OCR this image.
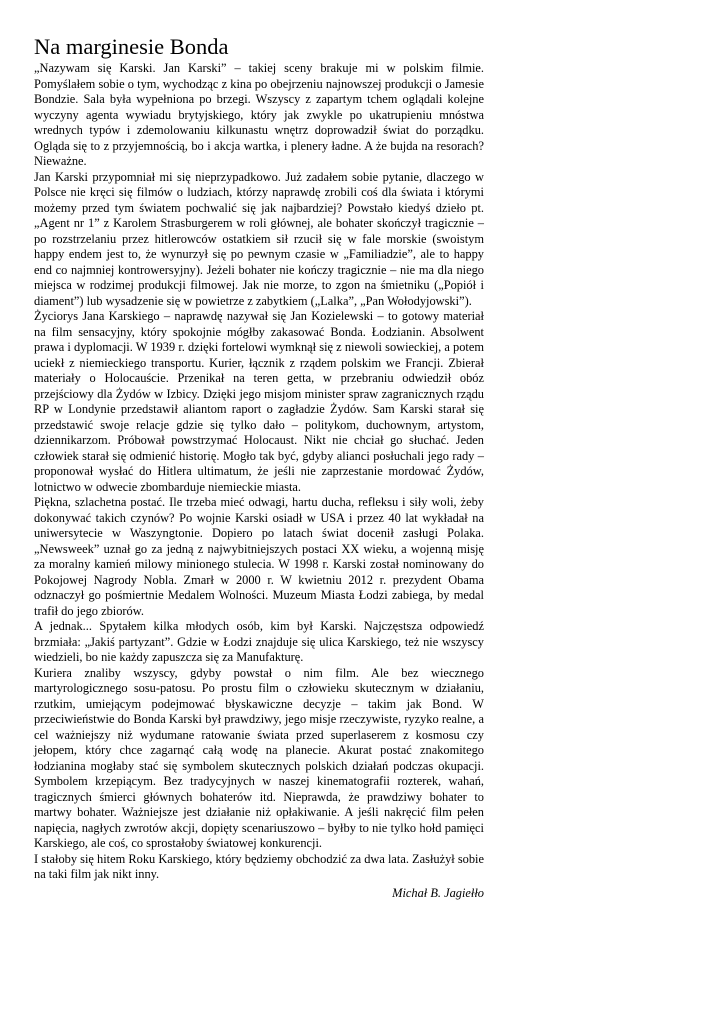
Na marginesie Bonda

„Nazywam się Karski. Jan Karski” – takiej sceny brakuje mi w polskim filmie. Pomyślałem sobie o tym, wychodząc z kina po obejrzeniu najnowszej produkcji o Jamesie Bondzie. Sala była wypełniona po brzegi. Wszyscy z zapartym tchem oglądali kolejne wyczyny agenta wywiadu brytyjskiego, który jak zwykle po ukatrupieniu mnóstwa wrednych typów i zdemolowaniu kilkunastu wnętrz doprowadził świat do porządku. Ogląda się to z przyjemnością, bo i akcja wartka, i plenery ładne. A że bujda na resorach? Nieważne.

Jan Karski przypomniał mi się nieprzypadkowo. Już zadałem sobie pytanie, dlaczego w Polsce nie kręci się filmów o ludziach, którzy naprawdę zrobili coś dla świata i którymi możemy przed tym światem pochwalić się jak najbardziej? Powstało kiedyś dzieło pt. „Agent nr 1” z Karolem Strasburgerem w roli głównej, ale bohater skończył tragicznie – po rozstrzelaniu przez hitlerowców ostatkiem sił rzucił się w fale morskie (swoistym happy endem jest to, że wynurzył się po pewnym czasie w „Familiadzie”, ale to happy end co najmniej kontrowersyjny). Jeżeli bohater nie kończy tragicznie – nie ma dla niego miejsca w rodzimej produkcji filmowej. Jak nie morze, to zgon na śmietniku („Popiół i diament”) lub wysadzenie się w powietrze z zabytkiem („Lalka”, „Pan Wołodyjowski”).

Życiorys Jana Karskiego – naprawdę nazywał się Jan Kozielewski – to gotowy materiał na film sensacyjny, który spokojnie mógłby zakasować Bonda. Łodzianin. Absolwent prawa i dyplomacji. W 1939 r. dzięki fortelowi wymknął się z niewoli sowieckiej, a potem uciekł z niemieckiego transportu. Kurier, łącznik z rządem polskim we Francji. Zbierał materiały o Holocauście. Przenikał na teren getta, w przebraniu odwiedził obóz przejściowy dla Żydów w Izbicy. Dzięki jego misjom minister spraw zagranicznych rządu RP w Londynie przedstawił aliantom raport o zagładzie Żydów. Sam Karski starał się przedstawić swoje relacje gdzie się tylko dało – politykom, duchownym, artystom, dziennikarzom. Próbował powstrzymać Holocaust. Nikt nie chciał go słuchać. Jeden człowiek starał się odmienić historię. Mogło tak być, gdyby alianci posłuchali jego rady – proponował wysłać do Hitlera ultimatum, że jeśli nie zaprzestanie mordować Żydów, lotnictwo w odwecie zbombarduje niemieckie miasta.

Piękna, szlachetna postać. Ile trzeba mieć odwagi, hartu ducha, refleksu i siły woli, żeby dokonywać takich czynów? Po wojnie Karski osiadł w USA i przez 40 lat wykładał na uniwersytecie w Waszyngtonie. Dopiero po latach świat docenił zasługi Polaka. „Newsweek” uznał go za jedną z najwybitniejszych postaci XX wieku, a wojenną misję za moralny kamień milowy minionego stulecia. W 1998 r. Karski został nominowany do Pokojowej Nagrody Nobla. Zmarł w 2000 r. W kwietniu 2012 r. prezydent Obama odznaczył go pośmiertnie Medalem Wolności. Muzeum Miasta Łodzi zabiega, by medal trafił do jego zbiorów.

A jednak... Spytałem kilka młodych osób, kim był Karski. Najczęstsza odpowiedź brzmiała: „Jakiś partyzant”. Gdzie w Łodzi znajduje się ulica Karskiego, też nie wszyscy wiedzieli, bo nie każdy zapuszcza się za Manufakturę.

Kuriera znaliby wszyscy, gdyby powstał o nim film. Ale bez wiecznego martyrologicznego sosu-patosu. Po prostu film o człowieku skutecznym w działaniu, rzutkim, umiejącym podejmować błyskawiczne decyzje – takim jak Bond. W przeciwieństwie do Bonda Karski był prawdziwy, jego misje rzeczywiste, ryzyko realne, a cel ważniejszy niż wydumane ratowanie świata przed superlaserem z kosmosu czy jełopem, który chce zagarnąć całą wodę na planecie. Akurat postać znakomitego łodzianina mogłaby stać się symbolem skutecznych polskich działań podczas okupacji. Symbolem krzepiącym. Bez tradycyjnych w naszej kinematografii rozterek, wahań, tragicznych śmierci głównych bohaterów itd. Nieprawda, że prawdziwy bohater to martwy bohater. Ważniejsze jest działanie niż opłakiwanie. A jeśli nakręcić film pełen napięcia, nagłych zwrotów akcji, dopięty scenariuszowo – byłby to nie tylko hołd pamięci Karskiego, ale coś, co sprostałoby światowej konkurencji.

I stałoby się hitem Roku Karskiego, który będziemy obchodzić za dwa lata. Zasłużył sobie na taki film jak nikt inny.

Michał B. Jagiełło
